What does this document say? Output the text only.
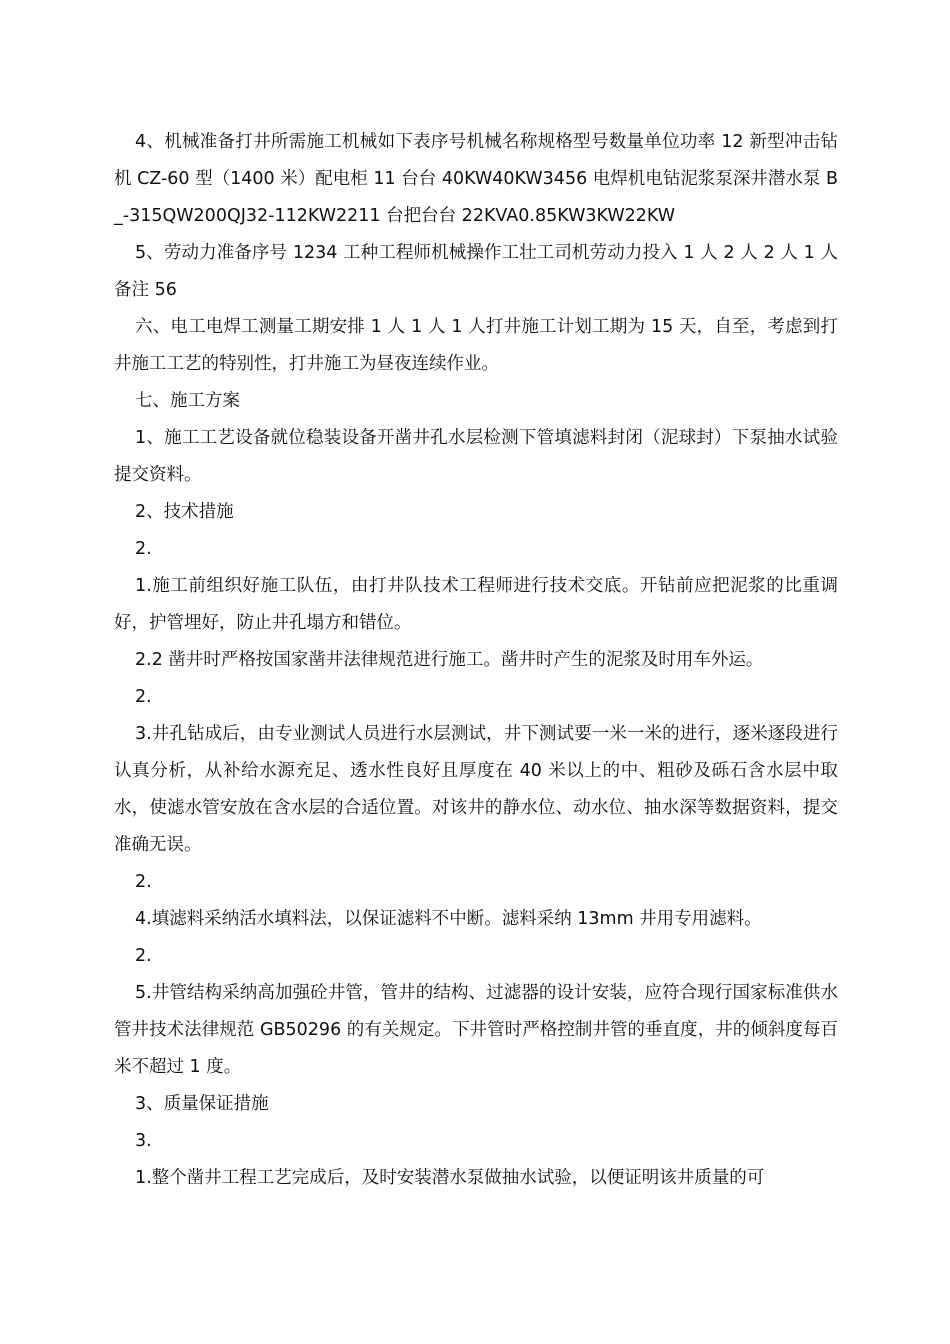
4、机械准备打井所需施工机械如下表序号机械名称规格型号数量单位功率 12 新型冲击钻机 CZ-60 型（1400 米）配电柜 11 台台 40KW40KW3456 电焊机电钻泥浆泵深井潜水泵 B_-315QW200QJ32-112KW2211 台把台台 22KVA0.85KW3KW22KW

5、劳动力准备序号 1234 工种工程师机械操作工壮工司机劳动力投入 1 人 2 人 2 人 1 人备注 56

六、电工电焊工测量工期安排 1 人 1 人 1 人打井施工计划工期为 15 天，自至，考虑到打井施工工艺的特别性，打井施工为昼夜连续作业。

七、施工方案

1、施工工艺设备就位稳装设备开凿井孔水层检测下管填滤料封闭（泥球封）下泵抽水试验提交资料。

2、技术措施

2.

1.施工前组织好施工队伍，由打井队技术工程师进行技术交底。开钻前应把泥浆的比重调好，护管埋好，防止井孔塌方和错位。

2.2 凿井时严格按国家凿井法律规范进行施工。凿井时产生的泥浆及时用车外运。

2.

3.井孔钻成后，由专业测试人员进行水层测试，井下测试要一米一米的进行，逐米逐段进行认真分析，从补给水源充足、透水性良好且厚度在 40 米以上的中、粗砂及砾石含水层中取水，使滤水管安放在含水层的合适位置。对该井的静水位、动水位、抽水深等数据资料，提交准确无误。

2.

4.填滤料采纳活水填料法，以保证滤料不中断。滤料采纳 13mm 井用专用滤料。

2.

5.井管结构采纳高加强砼井管，管井的结构、过滤器的设计安装，应符合现行国家标准供水管井技术法律规范 GB50296 的有关规定。下井管时严格控制井管的垂直度，井的倾斜度每百米不超过 1 度。

3、质量保证措施

3.

1.整个凿井工程工艺完成后，及时安装潜水泵做抽水试验，以便证明该井质量的可
